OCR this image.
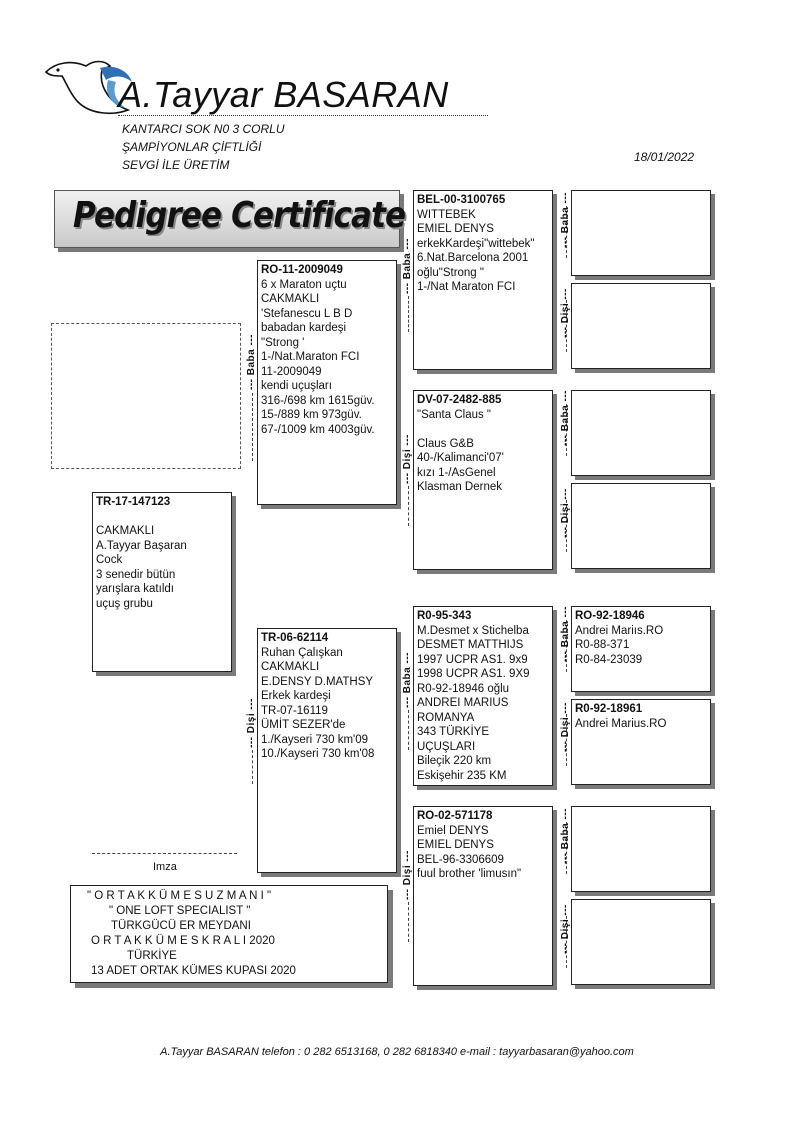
A.Tayyar BASARAN
KANTARCI SOK N0 3 CORLU
ŞAMPİYONLAR ÇİFTLİĞİ
SEVGİ İLE ÜRETİM
18/01/2022
Pedigree Certificate
TR-17-147123

CAKMAKLI
A.Tayyar Başaran
Cock
3 senedir bütün
yarışlara katıldı
uçuş grubu
Imza
RO-11-2009049
6 x Maraton uçtu
CAKMAKLI
'Stefanescu L B D
babadan kardeşi
"Strong '
1-/Nat.Maraton FCI
11-2009049
kendi uçuşları
316-/698 km 1615güv.
15-/889 km 973güv.
67-/1009 km 4003güv.
TR-06-62114
Ruhan Çalışkan
CAKMAKLI
E.DENSY D.MATHSY
Erkek kardeşi
TR-07-16119
ÜMİT SEZER'de
1./Kayseri 730 km'09
10./Kayseri 730 km'08
BEL-00-3100765
WITTEBEK
EMIEL DENYS
erkekKardeşi"wittebek"
6.Nat.Barcelona 2001
oğlu"Strong "
1-/Nat Maraton FCI
DV-07-2482-885
"Santa Claus "

Claus G&B
40-/Kalimanci'07'
kızı 1-/AsGenel
Klasman Dernek
R0-95-343
M.Desmet x Stichelba
DESMET MATTHIJS
1997 UCPR AS1. 9x9
1998 UCPR AS1. 9X9
R0-92-18946 oğlu
ANDREI MARIUS
ROMANYA
343 TÜRKİYE
UÇUŞLARI
Bileçik 220 km
Eskişehir 235 KM
RO-02-571178
Emiel DENYS
EMIEL DENYS
BEL-96-3306609
fuul brother 'limusın"
RO-92-18946
Andrei Mariıs.RO
R0-88-371
R0-84-23039
R0-92-18961
Andrei Marius.RO
--- Baba ---
--- Dişi ---
--- Baba ---
--- Dişi ---
--- Baba ---
--- Dişi ---
--- Baba ---
--- Dişi ---
--- Baba ---
--- Dişi ---
--- Baba ---
--- Dişi ---
--- Baba ---
--- Dişi ---
" O R T A K K Ü M E S U Z M A N I "
" ONE LOFT SPECIALIST "
TÜRKGÜCÜ ER MEYDANI
O R T A K K Ü M E S K R A L I 2020
TÜRKİYE
13 ADET ORTAK KÜMES KUPASI 2020
A.Tayyar BASARAN telefon : 0 282 6513168, 0 282 6818340 e-mail : tayyarbasaran@yahoo.com
